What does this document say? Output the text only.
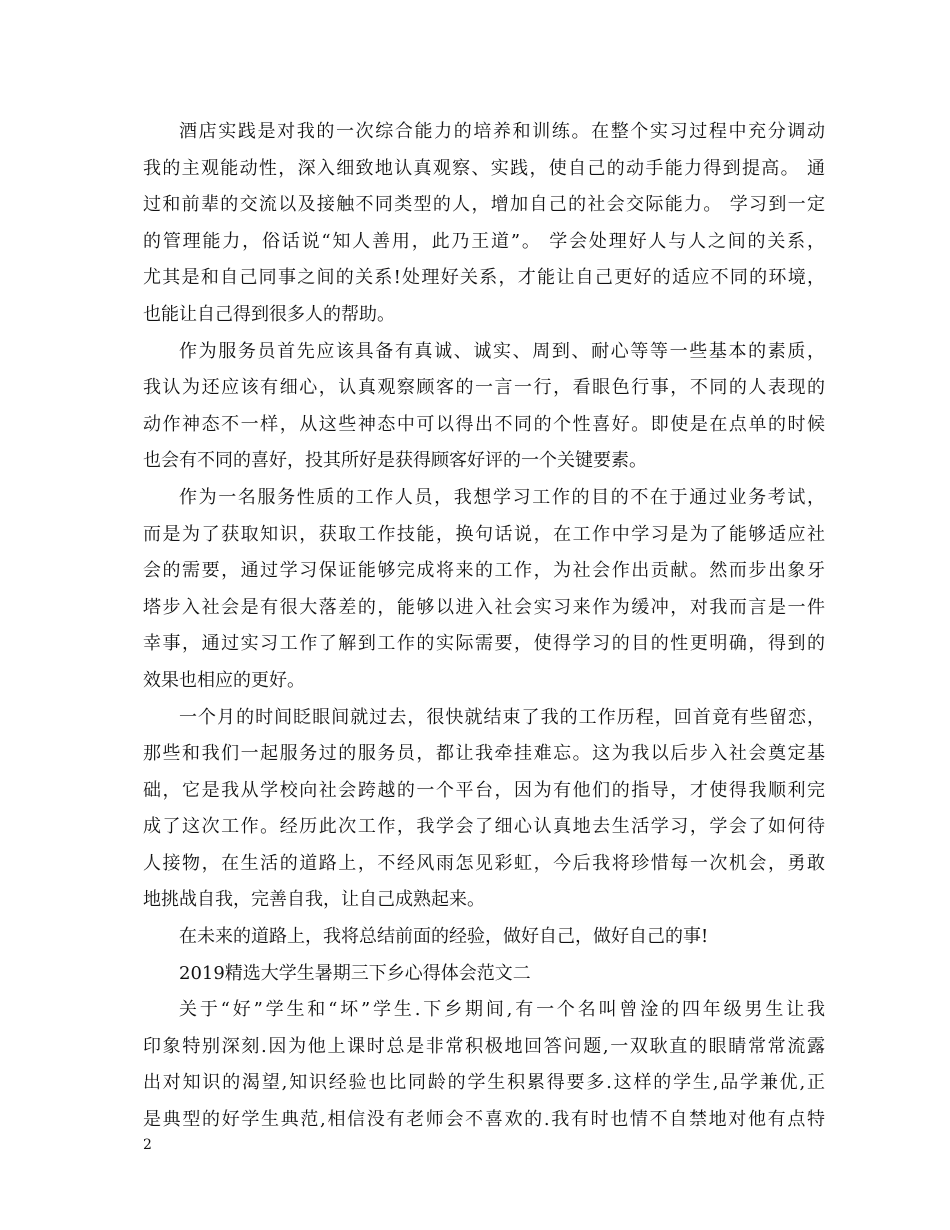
酒店实践是对我的一次综合能力的培养和训练。在整个实习过程中充分调动
我的主观能动性，深入细致地认真观察、实践，使自己的动手能力得到提高。 通
过和前辈的交流以及接触不同类型的人，增加自己的社会交际能力。 学习到一定
的管理能力，俗话说“知人善用，此乃王道”。 学会处理好人与人之间的关系，
尤其是和自己同事之间的关系!处理好关系，才能让自己更好的适应不同的环境，
也能让自己得到很多人的帮助。
作为服务员首先应该具备有真诚、诚实、周到、耐心等等一些基本的素质，
我认为还应该有细心，认真观察顾客的一言一行，看眼色行事，不同的人表现的
动作神态不一样，从这些神态中可以得出不同的个性喜好。即使是在点单的时候
也会有不同的喜好，投其所好是获得顾客好评的一个关键要素。
作为一名服务性质的工作人员，我想学习工作的目的不在于通过业务考试，
而是为了获取知识，获取工作技能，换句话说，在工作中学习是为了能够适应社
会的需要，通过学习保证能够完成将来的工作，为社会作出贡献。然而步出象牙
塔步入社会是有很大落差的，能够以进入社会实习来作为缓冲，对我而言是一件
幸事，通过实习工作了解到工作的实际需要，使得学习的目的性更明确，得到的
效果也相应的更好。
一个月的时间眨眼间就过去，很快就结束了我的工作历程，回首竟有些留恋，
那些和我们一起服务过的服务员，都让我牵挂难忘。这为我以后步入社会奠定基
础，它是我从学校向社会跨越的一个平台，因为有他们的指导，才使得我顺利完
成了这次工作。经历此次工作，我学会了细心认真地去生活学习，学会了如何待
人接物，在生活的道路上，不经风雨怎见彩虹，今后我将珍惜每一次机会，勇敢
地挑战自我，完善自我，让自己成熟起来。
在未来的道路上，我将总结前面的经验，做好自己，做好自己的事!
2019精选大学生暑期三下乡心得体会范文二
关于“好”学生和“坏”学生.下乡期间,有一个名叫曾淦的四年级男生让我
印象特别深刻.因为他上课时总是非常积极地回答问题,一双耿直的眼睛常常流露
出对知识的渴望,知识经验也比同龄的学生积累得要多.这样的学生,品学兼优,正
是典型的好学生典范,相信没有老师会不喜欢的.我有时也情不自禁地对他有点特
2
